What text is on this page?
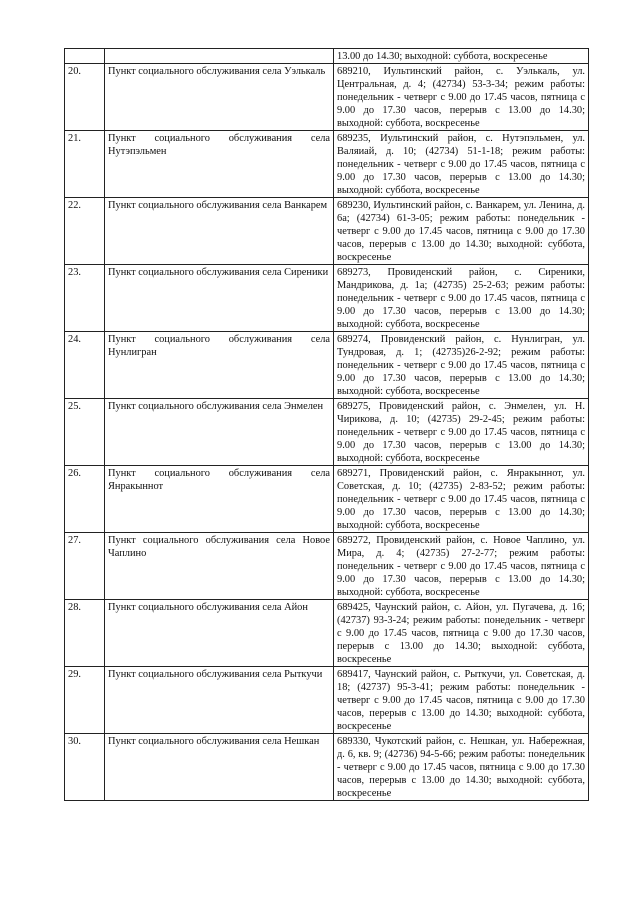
		13.00 до 14.30; выходной: суббота, воскресенье
20.	Пункт социального обслуживания села Уэлькаль	689210, Иультинский район, с. Уэлькаль, ул. Центральная, д. 4; (42734) 53-3-34; режим работы: понедельник - четверг с 9.00 до 17.45 часов, пятница с 9.00 до 17.30 часов, перерыв с 13.00 до 14.30; выходной: суббота, воскресенье
21.	Пункт социального обслуживания села Нутэпэльмен	689235, Иультинский район, с. Нутэпэльмен, ул. Валяиай, д. 10; (42734) 51-1-18; режим работы: понедельник - четверг с 9.00 до 17.45 часов, пятница с 9.00 до 17.30 часов, перерыв с 13.00 до 14.30; выходной: суббота, воскресенье
22.	Пункт социального обслуживания села Ванкарем	689230, Иультинский район, с. Ванкарем, ул. Ленина, д. 6а; (42734) 61-3-05; режим работы: понедельник - четверг с 9.00 до 17.45 часов, пятница с 9.00 до 17.30 часов, перерыв с 13.00 до 14.30; выходной: суббота, воскресенье
23.	Пункт социального обслуживания села Сиреники	689273, Провиденский район, с. Сиреники, Мандрикова, д. 1а; (42735) 25-2-63; режим работы: понедельник - четверг с 9.00 до 17.45 часов, пятница с 9.00 до 17.30 часов, перерыв с 13.00 до 14.30; выходной: суббота, воскресенье
24.	Пункт социального обслуживания села Нунлигран	689274, Провиденский район, с. Нунлигран, ул. Тундровая, д. 1; (42735)26-2-92; режим работы: понедельник - четверг с 9.00 до 17.45 часов, пятница с 9.00 до 17.30 часов, перерыв с 13.00 до 14.30; выходной: суббота, воскресенье
25.	Пункт социального обслуживания села Энмелен	689275, Провиденский район, с. Энмелен, ул. Н. Чирикова, д. 10; (42735) 29-2-45; режим работы: понедельник - четверг с 9.00 до 17.45 часов, пятница с 9.00 до 17.30 часов, перерыв с 13.00 до 14.30; выходной: суббота, воскресенье
26.	Пункт социального обслуживания села Янракыннот	689271, Провиденский район, с. Янракыннот, ул. Советская, д. 10; (42735) 2-83-52; режим работы: понедельник - четверг с 9.00 до 17.45 часов, пятница с 9.00 до 17.30 часов, перерыв с 13.00 до 14.30; выходной: суббота, воскресенье
27.	Пункт социального обслуживания села Новое Чаплино	689272, Провиденский район, с. Новое Чаплино, ул. Мира, д. 4; (42735) 27-2-77; режим работы: понедельник - четверг с 9.00 до 17.45 часов, пятница с 9.00 до 17.30 часов, перерыв с 13.00 до 14.30; выходной: суббота, воскресенье
28.	Пункт социального обслуживания села Айон	689425, Чаунский район, с. Айон, ул. Пугачева, д. 16; (42737) 93-3-24; режим работы: понедельник - четверг с 9.00 до 17.45 часов, пятница с 9.00 до 17.30 часов, перерыв с 13.00 до 14.30; выходной: суббота, воскресенье
29.	Пункт социального обслуживания села Рыткучи	689417, Чаунский район, с. Рыткучи, ул. Советская, д. 18; (42737) 95-3-41; режим работы: понедельник - четверг с 9.00 до 17.45 часов, пятница с 9.00 до 17.30 часов, перерыв с 13.00 до 14.30; выходной: суббота, воскресенье
30.	Пункт социального обслуживания села Нешкан	689330, Чукотский район, с. Нешкан, ул. Набережная, д. 6, кв. 9; (42736) 94-5-66; режим работы: понедельник - четверг с 9.00 до 17.45 часов, пятница с 9.00 до 17.30 часов, перерыв с 13.00 до 14.30; выходной: суббота, воскресенье
